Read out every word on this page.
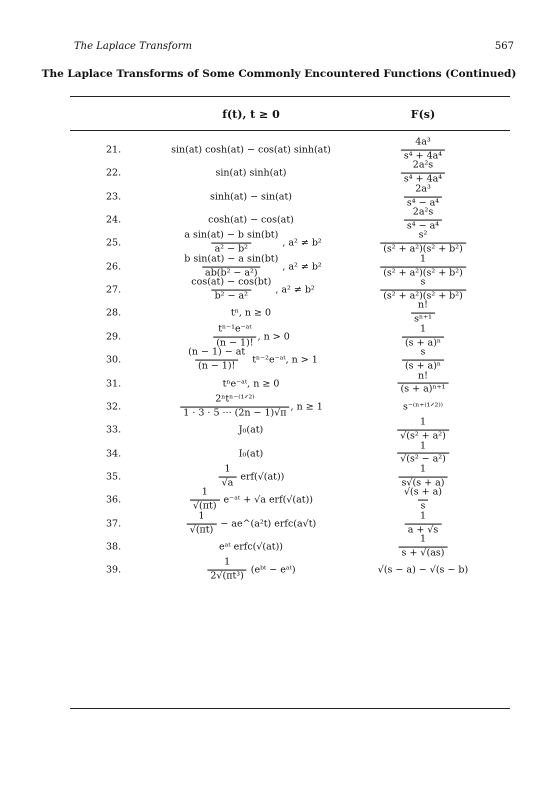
The Laplace Transform	567
The Laplace Transforms of Some Commonly Encountered Functions (Continued)
f(t), t ≥ 0	F(s)
21.	sin(at) cosh(at) − cos(at) sinh(at)	$\frac{\text{4a³}}{\text{s⁴ + 4a⁴}}$
22.	sin(at) sinh(at)	$\frac{\text{2a²s}}{\text{s⁴ + 4a⁴}}$
23.	sinh(at) − sin(at)	$\frac{\text{2a³}}{\text{s⁴ − a⁴}}$
24.	cosh(at) − cos(at)	$\frac{\text{2a²s}}{\text{s⁴ − a⁴}}$
25.	$\frac{\text{a sin(at) − b sin(bt)}}{\text{a² − b²}}$ , a² ≠ b²	$\frac{\text{s²}}{\text{(s² + a²)(s² + b²)}}$
26.	$\frac{\text{b sin(at) − a sin(bt)}}{\text{ab(b² − a²)}}$ , a² ≠ b²	$\frac{1}{\text{(s² + a²)(s² + b²)}}$
27.	$\frac{\cos(at) - \cos(bt)}{\text{b² − a²}}$ , a² ≠ b²	$\frac{s}{\text{(s² + a²)(s² + b²)}}$
28.	tⁿ, n ≥ 0	$\frac{n!}{\text{sⁿ⁺¹}}$
29.	$\frac{\text{tⁿ⁻¹e⁻ᵃᵗ}}{(n - 1)!}$ , n > 0	$\frac{1}{\text{(s + a)ⁿ}}$
30.	$\frac{(n - 1) - at}{(n - 1)!}$ tⁿ⁻²e⁻ᵃᵗ, n > 1	$\frac{s}{\text{(s + a)ⁿ}}$
31.	tⁿe⁻ᵃᵗ, n ≥ 0	$\frac{n!}{\text{(s + a)ⁿ⁺¹}}$
32.	$\frac{\text{2ⁿtⁿ⁻⁽¹ᐟ²⁾}}{1 \cdot 3 \cdot 5 \cdot\cdot\cdot (2n - 1)√\pi}$ , n ≥ 1	s⁻⁽ⁿ⁺⁽¹ᐟ²⁾⁾
33.	J₀(at)	$\frac{1}{\text{√(s² + a²)}}$
34.	I₀(at)	$\frac{1}{\text{√(s² − a²)}}$
35.	$\frac{1}{√a} erf(√(at))$	$\frac{1}{s√(s + a)}$
36.	$\frac{1}{√(\pi t)}$ e⁻ᵃᵗ + √a erf(√(at))	$\frac{√(s + a)}{s}$
37.	$\frac{1}{√(\pi t)}$ − ae^(a²t) erfc(a√t)	$\frac{1}{a + √s}$
38.	eᵃᵗ erfc(√(at))	$\frac{1}{s + √(as)}$
39.	$\frac{1}{\text{2√(πt³)}}$ (eᵇᵗ − eᵃᵗ)	√(s − a) − √(s − b)
